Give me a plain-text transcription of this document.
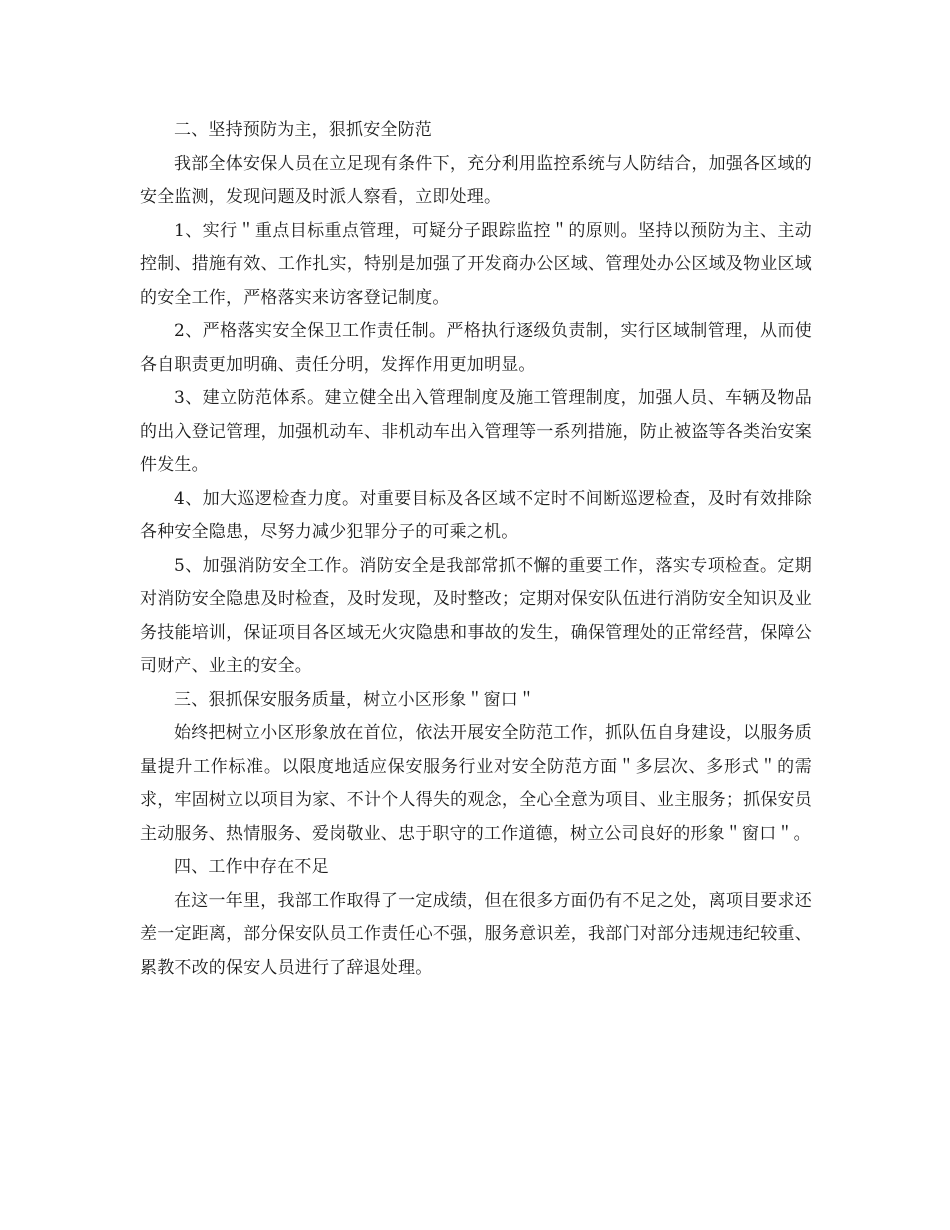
二、坚持预防为主，狠抓安全防范

我部全体安保人员在立足现有条件下，充分利用监控系统与人防结合，加强各区域的安全监测，发现问题及时派人察看，立即处理。

1、实行＂重点目标重点管理，可疑分子跟踪监控＂的原则。坚持以预防为主、主动控制、措施有效、工作扎实，特别是加强了开发商办公区域、管理处办公区域及物业区域的安全工作，严格落实来访客登记制度。

2、严格落实安全保卫工作责任制。严格执行逐级负责制，实行区域制管理，从而使各自职责更加明确、责任分明，发挥作用更加明显。

3、建立防范体系。建立健全出入管理制度及施工管理制度，加强人员、车辆及物品的出入登记管理，加强机动车、非机动车出入管理等一系列措施，防止被盗等各类治安案件发生。

4、加大巡逻检查力度。对重要目标及各区域不定时不间断巡逻检查，及时有效排除各种安全隐患，尽努力减少犯罪分子的可乘之机。

5、加强消防安全工作。消防安全是我部常抓不懈的重要工作，落实专项检查。定期对消防安全隐患及时检查，及时发现，及时整改；定期对保安队伍进行消防安全知识及业务技能培训，保证项目各区域无火灾隐患和事故的发生，确保管理处的正常经营，保障公司财产、业主的安全。

三、狠抓保安服务质量，树立小区形象＂窗口＂

始终把树立小区形象放在首位，依法开展安全防范工作，抓队伍自身建设，以服务质量提升工作标准。以限度地适应保安服务行业对安全防范方面＂多层次、多形式＂的需求，牢固树立以项目为家、不计个人得失的观念，全心全意为项目、业主服务；抓保安员主动服务、热情服务、爱岗敬业、忠于职守的工作道德，树立公司良好的形象＂窗口＂。

四、工作中存在不足

在这一年里，我部工作取得了一定成绩，但在很多方面仍有不足之处，离项目要求还差一定距离，部分保安队员工作责任心不强，服务意识差，我部门对部分违规违纪较重、累教不改的保安人员进行了辞退处理。
